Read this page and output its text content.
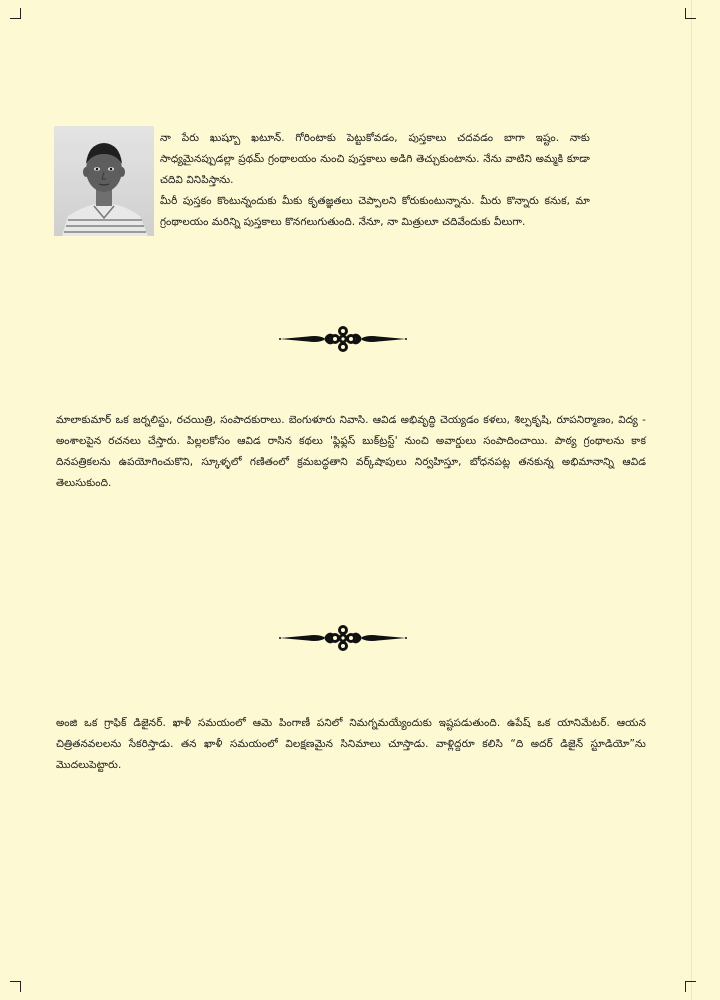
నా పేరు ఖుష్బూ ఖటూన్. గోరింటాకు పెట్టుకోవడం, పుస్తకాలు చదవడం బాగా ఇష్టం. నాకు సాధ్యమైనప్పుడల్లా ప్రథమ్ గ్రంథాలయం నుంచి పుస్తకాలు అడిగి తెచ్చుకుంటాను. నేను వాటిని అమ్మకి కూడా చదివి వినిపిస్తాను.

మీరీ పుస్తకం కొంటున్నందుకు మీకు కృతజ్ఞతలు చెప్పాలని కోరుకుంటున్నాను. మీరు కొన్నారు కనుక, మా గ్రంథాలయం మరిన్ని పుస్తకాలు కొనగలుగుతుంది. నేనూ, నా మిత్రులూ చదివేందుకు వీలుగా.

మాలాకుమార్ ఒక జర్నలిస్టు, రచయిత్రి, సంపాదకురాలు. బెంగుళూరు నివాసి. ఆవిడ అభివృద్ధి చెయ్యడం కళలు, శిల్పకృషి, రూపనిర్మాణం, విద్య - అంశాలపైన రచనలు చేస్తారు. పిల్లలకోసం ఆవిడ రాసిన కథలు 'ఫ్లిఫ్లస్ బుక్‌ట్రస్ట్' నుంచి అవార్డులు సంపాదించాయి. పాఠ్య గ్రంథాలను కాక దినపత్రికలను ఉపయోగించుకొని, స్కూళ్ళలో గణితంలో క్రమబద్ధతాని వర్క్‌షాపులు నిర్వహిస్తూ, బోధనపట్ల తనకున్న అభిమానాన్ని ఆవిడ తెలుసుకుంది.

అంజి ఒక గ్రాఫిక్ డిజైనర్. ఖాళీ సమయంలో ఆమె పింగాణీ పనిలో నిమగ్నమయ్యేందుకు ఇష్టపడుతుంది. ఉపేష్ ఒక యానిమేటర్. ఆయన చిత్రితనవలలను సేకరిస్తాడు. తన ఖాళీ సమయంలో విలక్షణమైన సినిమాలు చూస్తాడు. వాళ్లిద్దరూ కలిసి “ది అదర్ డిజైన్ స్టూడియో”ను మొదలుపెట్టారు.
